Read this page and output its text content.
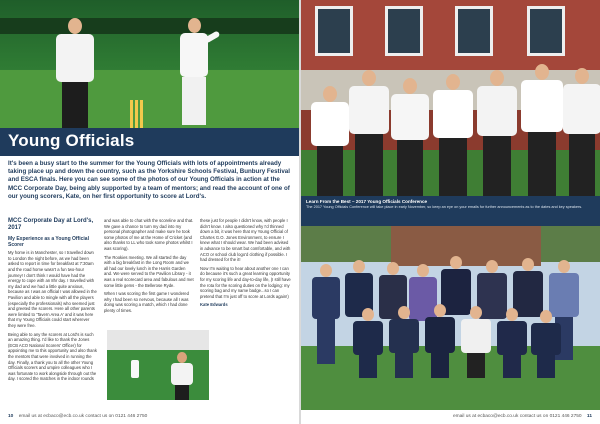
Young Officials
It's been a busy start to the summer for the Young Officials with lots of appointments already taking place up and down the country, such as the Yorkshire Schools Festival, Bunbury Festival and ESCA finals. Here you can see some of the photos of our Young Officials in action at the MCC Corporate Day, being ably supported by a team of mentors; and read the account of one of our young scorers, Kate, on her first opportunity to score at Lord's.
MCC Corporate Day at Lord's, 2017
My Experience as a Young Official Scorer

My home is in Manchester, so I travelled down to London the night before, as we had been asked to report in time for breakfast at 7:30am and the road home wasn't a fun two-hour journey! I don't think I would have had the energy to cope with an 8hr day. I travelled with my dad and we had a little quite anxious, because as I was an official I was allowed in the Pavilion and able to mingle with all the players (especially the professionals) who seemed just and greeted the scorers. Here all other parents were limited to 'Tavern Area A' and it was here that my Young Officials could start wherever they were free.

Being able to any the scorers at Lord's is such an amazing thing. I'd like to thank the Jones (ECB ACO National Scorers' Officer) for appointing me to this opportunity and also thank the mentors that were involved in running the day. Finally, a thank you to all the other Young Officials scorers and umpire colleagues who I was fortunate to work alongside through out the day. I scored the matches in the indoor rounds

and was able to chat with the scoreline and that. We gave a chance to turn my dad into my personal photographer and make sure he took some photos of me at the Home of Cricket (and also thanks to LL who took some photos whilst I was scoring).

The Rookies meeting. We all started the day with a big breakfast in the Long Room and we all had our lovely lunch in the Harris Garden and. We were served to the Pavilion Library - it was a real scorecard area and fabulous and met some little gems - the Bellerose Ryde.

When I was scoring the first game I wondered why I had been so nervous, because all I was doing was scoring a match, which I had done plenty of times.

these just for people I didn't know, with people I didn't know. I also questioned why I'd thinned down a bit, it was here that my Young Official of Chartes G.O. Jones Environment, to ensure I knew what I should wear. We had been advised in advance to be smart but comfortable, and with ACO or school club logo'd clothing if possible. I had dressed for the it!

Now I'm waiting to hear about another one I can do because it's such a great learning opportunity for my scoring life and day-to-day life, (I still have the rota for the scoring duties on the lodging: my scoring bag and my name badge...so I can pretend that I'm just off to score at Lords again!)

Kate Edwards

10 email us at ecbaco@ecb.co.uk contact us on 0121 446 2750
Learn From the Best – 2017 Young Officials Conference
The 2017 Young Officials Conference will take place in early November, so keep an eye on your emails for further announcements as to the dates and key speakers.
email us at ecbaco@ecb.co.uk contact us on 0121 446 2750 11
